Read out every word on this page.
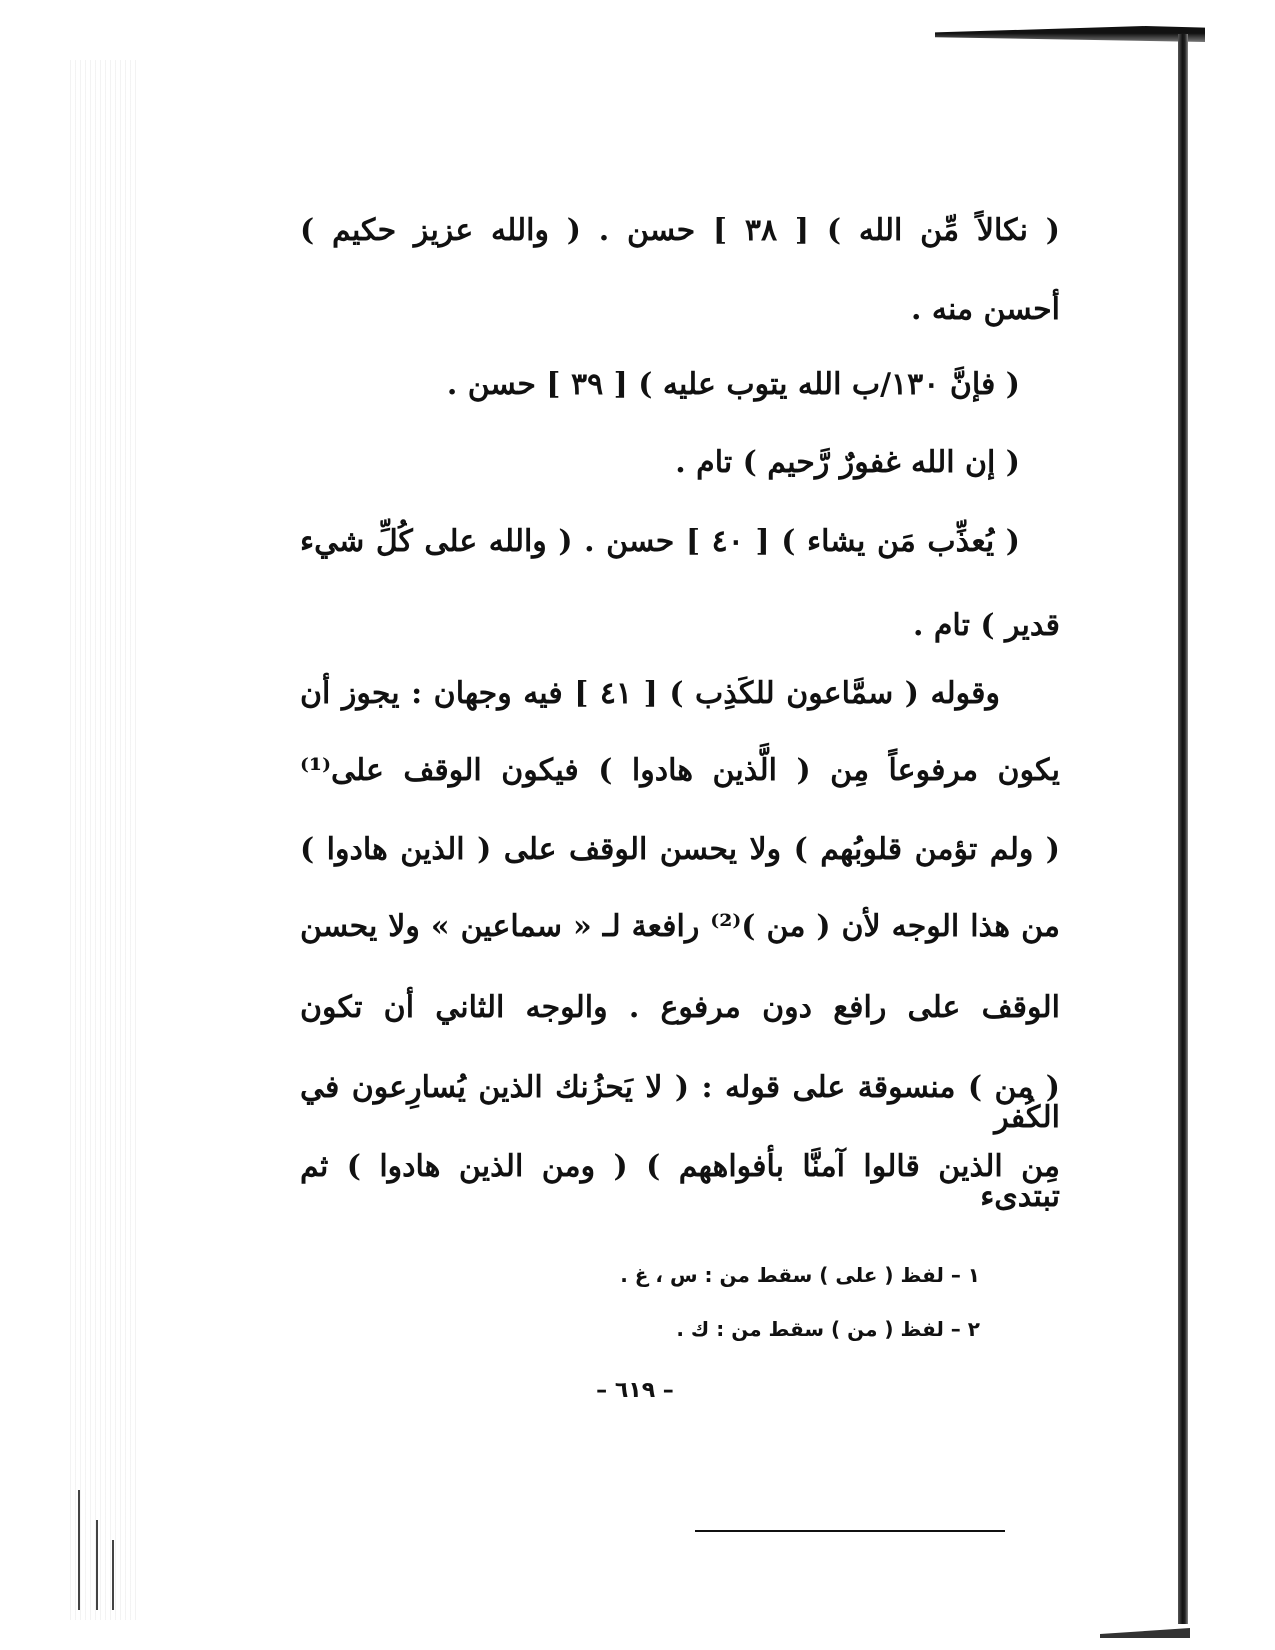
( نكالاً مِّن الله ) [ ٣٨ ] حسن . ( والله عزيز حكيم )
أحسن منه .
( فإنَّ ١٣٠/ب الله يتوب عليه ) [ ٣٩ ] حسن .
( إن الله غفورٌ رَّحيم ) تام .
( يُعذِّب مَن يشاء ) [ ٤٠ ] حسن . ( والله على كُلِّ شيء
قدير ) تام .
وقوله ( سمَّاعون للكَذِب ) [ ٤١ ] فيه وجهان : يجوز أن
يكون مرفوعاً مِن ( الَّذين هادوا ) فيكون الوقف على⁽¹⁾
( ولم تؤمن قلوبُهم ) ولا يحسن الوقف على ( الذين هادوا )
من هذا الوجه لأن ( من )⁽²⁾ رافعة لـ « سماعين » ولا يحسن
الوقف على رافع دون مرفوع . والوجه الثاني أن تكون
( من ) منسوقة على قوله : ( لا يَحزُنك الذين يُسارِعون في الكُفر
مِن الذين قالوا آمنَّا بأفواههم ) ( ومن الذين هادوا ) ثم تبتدىء
١ – لفظ ( على ) سقط من : س ، غ .
٢ – لفظ ( من ) سقط من : ك .
– ٦١٩ –
